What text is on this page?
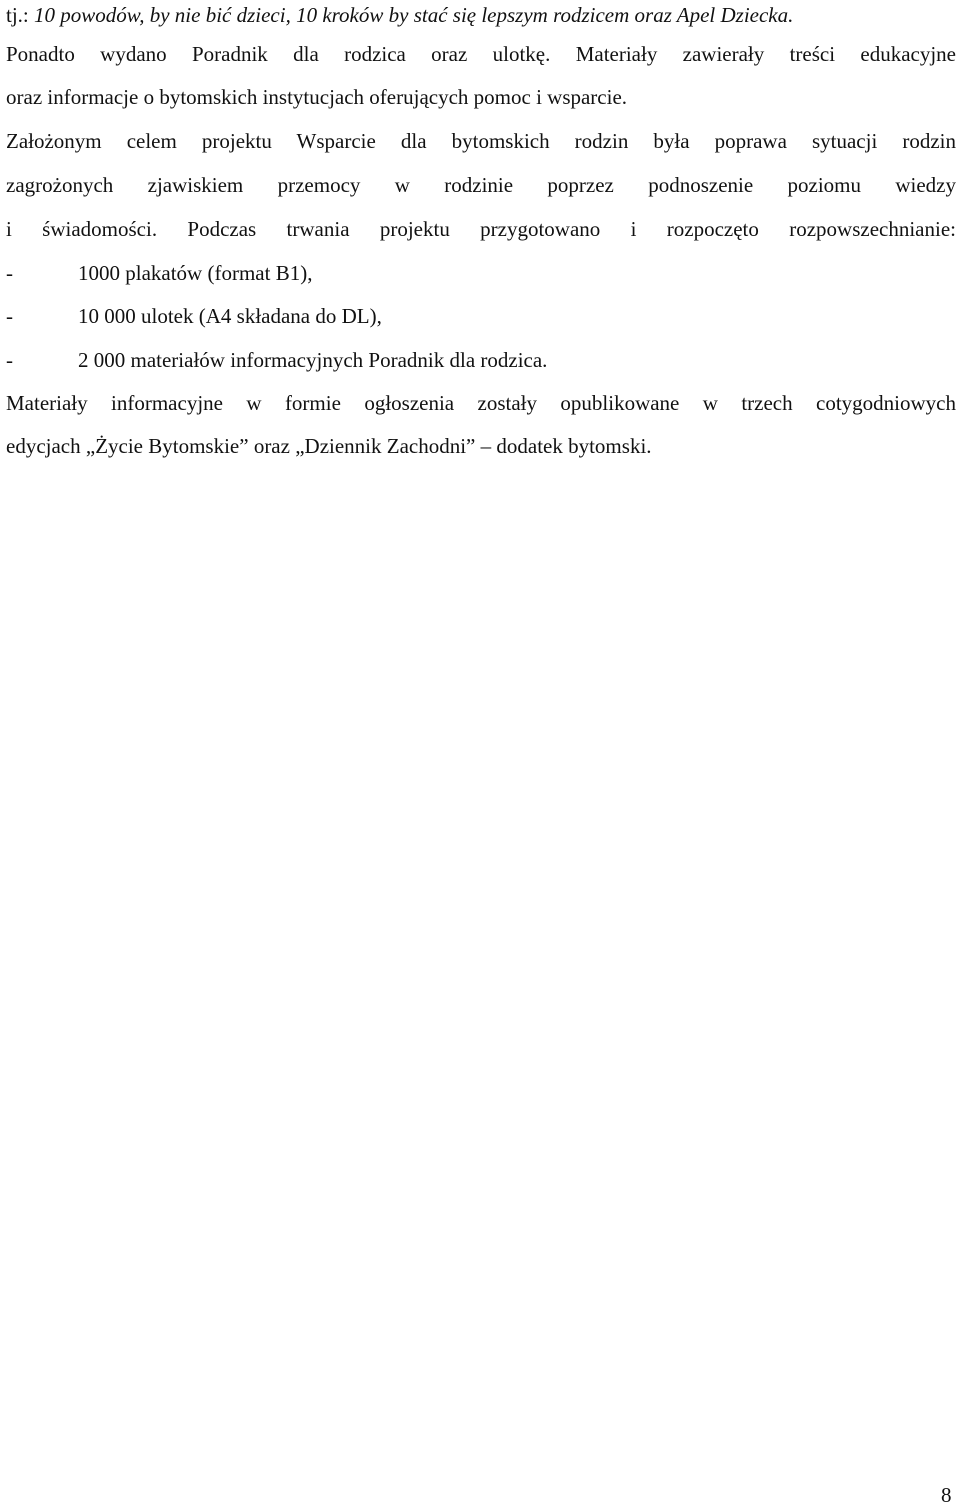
tj.: 10 powodów, by nie bić dzieci, 10 kroków by stać się lepszym rodzicem oraz Apel Dziecka.
Ponadto wydano Poradnik dla rodzica oraz ulotkę. Materiały zawierały treści edukacyjne
oraz informacje o bytomskich instytucjach oferujących pomoc i wsparcie.
Założonym celem projektu Wsparcie dla bytomskich rodzin była poprawa sytuacji rodzin
zagrożonych zjawiskiem przemocy w rodzinie poprzez podnoszenie poziomu wiedzy
i świadomości. Podczas trwania projektu przygotowano i rozpoczęto rozpowszechnianie:
-	1000 plakatów (format B1),
-	10 000 ulotek (A4 składana do DL),
-	2 000 materiałów informacyjnych Poradnik dla rodzica.
Materiały informacyjne w formie ogłoszenia zostały opublikowane w trzech cotygodniowych
edycjach „Życie Bytomskie” oraz „Dziennik Zachodni” – dodatek bytomski.
8
